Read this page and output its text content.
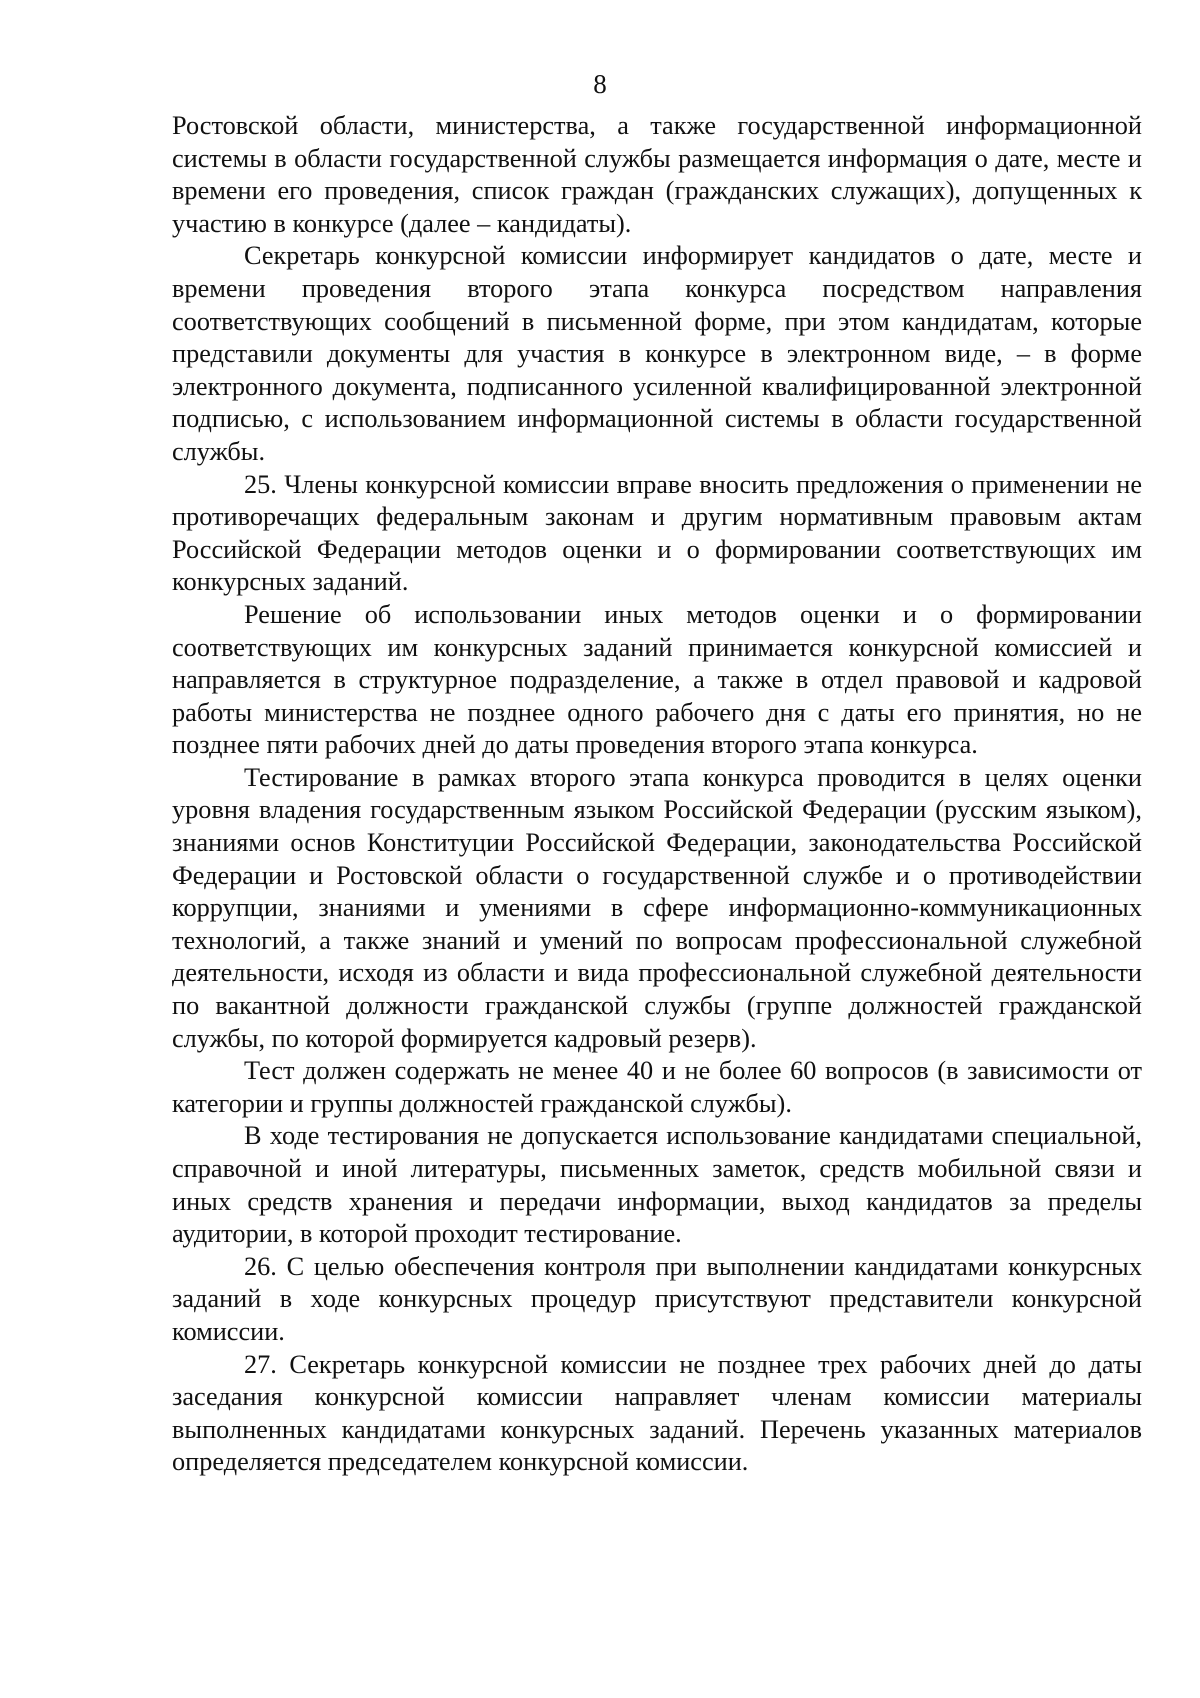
8

Ростовской области, министерства, а также государственной информационной системы в области государственной службы размещается информация о дате, месте и времени его проведения, список граждан (гражданских служащих), допущенных к участию в конкурсе (далее – кандидаты).

Секретарь конкурсной комиссии информирует кандидатов о дате, месте и времени проведения второго этапа конкурса посредством направления соответствующих сообщений в письменной форме, при этом кандидатам, которые представили документы для участия в конкурсе в электронном виде, – в форме электронного документа, подписанного усиленной квалифицированной электронной подписью, с использованием информационной системы в области государственной службы.

25. Члены конкурсной комиссии вправе вносить предложения о применении не противоречащих федеральным законам и другим нормативным правовым актам Российской Федерации методов оценки и о формировании соответствующих им конкурсных заданий.

Решение об использовании иных методов оценки и о формировании соответствующих им конкурсных заданий принимается конкурсной комиссией и направляется в структурное подразделение, а также в отдел правовой и кадровой работы министерства не позднее одного рабочего дня с даты его принятия, но не позднее пяти рабочих дней до даты проведения второго этапа конкурса.

Тестирование в рамках второго этапа конкурса проводится в целях оценки уровня владения государственным языком Российской Федерации (русским языком), знаниями основ Конституции Российской Федерации, законодательства Российской Федерации и Ростовской области о государственной службе и о противодействии коррупции, знаниями и умениями в сфере информационно-коммуникационных технологий, а также знаний и умений по вопросам профессиональной служебной деятельности, исходя из области и вида профессиональной служебной деятельности по вакантной должности гражданской службы (группе должностей гражданской службы, по которой формируется кадровый резерв).

Тест должен содержать не менее 40 и не более 60 вопросов (в зависимости от категории и группы должностей гражданской службы).

В ходе тестирования не допускается использование кандидатами специальной, справочной и иной литературы, письменных заметок, средств мобильной связи и иных средств хранения и передачи информации, выход кандидатов за пределы аудитории, в которой проходит тестирование.

26. С целью обеспечения контроля при выполнении кандидатами конкурсных заданий в ходе конкурсных процедур присутствуют представители конкурсной комиссии.

27. Секретарь конкурсной комиссии не позднее трех рабочих дней до даты заседания конкурсной комиссии направляет членам комиссии материалы выполненных кандидатами конкурсных заданий. Перечень указанных материалов определяется председателем конкурсной комиссии.
